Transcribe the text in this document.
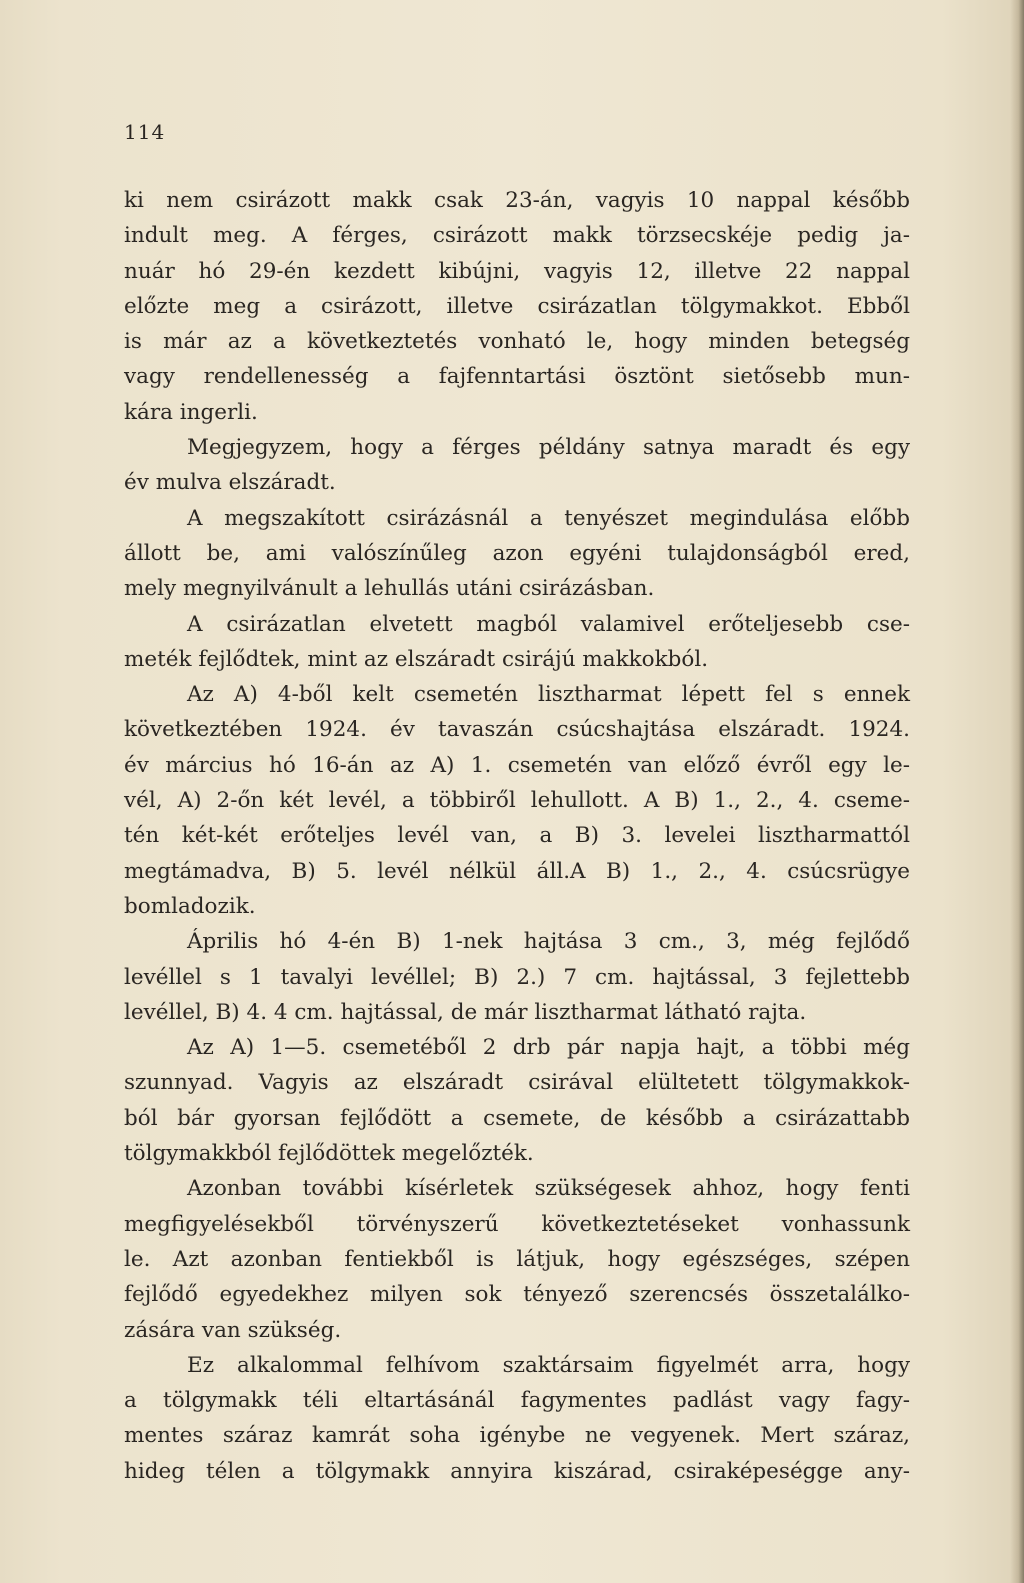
114
ki nem csirázott makk csak 23-án, vagyis 10 nappal később
indult meg. A férges, csirázott makk törzsecskéje pedig ja-
nuár hó 29-én kezdett kibújni, vagyis 12, illetve 22 nappal
előzte meg a csirázott, illetve csirázatlan tölgymakkot. Ebből
is már az a következtetés vonható le, hogy minden betegség
vagy rendellenesség a fajfenntartási ösztönt sietősebb mun-
kára ingerli.
Megjegyzem, hogy a férges példány satnya maradt és egy
év mulva elszáradt.
A megszakított csirázásnál a tenyészet megindulása előbb
állott be, ami valószínűleg azon egyéni tulajdonságból ered,
mely megnyilvánult a lehullás utáni csirázásban.
A csirázatlan elvetett magból valamivel erőteljesebb cse-
meték fejlődtek, mint az elszáradt csirájú makkokból.
Az A) 4-ből kelt csemetén lisztharmat lépett fel s ennek
következtében 1924. év tavaszán csúcshajtása elszáradt. 1924.
év március hó 16-án az A) 1. csemetén van előző évről egy le-
vél, A) 2-őn két levél, a többiről lehullott. A B) 1., 2., 4. cseme-
tén két-két erőteljes levél van, a B) 3. levelei lisztharmattól
megtámadva, B) 5. levél nélkül áll.A B) 1., 2., 4. csúcsrügye
bomladozik.
Április hó 4-én B) 1-nek hajtása 3 cm., 3, még fejlődő
levéllel s 1 tavalyi levéllel; B) 2.) 7 cm. hajtással, 3 fejlettebb
levéllel, B) 4. 4 cm. hajtással, de már lisztharmat látható rajta.
Az A) 1—5. csemetéből 2 drb pár napja hajt, a többi még
szunnyad. Vagyis az elszáradt csirával elültetett tölgymakkok-
ból bár gyorsan fejlődött a csemete, de később a csirázattabb
tölgymakkból fejlődöttek megelőzték.
Azonban további kísérletek szükségesek ahhoz, hogy fenti
megfigyelésekből törvényszerű következtetéseket vonhassunk
le. Azt azonban fentiekből is látjuk, hogy egészséges, szépen
fejlődő egyedekhez milyen sok tényező szerencsés összetalálko-
zására van szükség.
Ez alkalommal felhívom szaktársaim figyelmét arra, hogy
a tölgymakk téli eltartásánál fagymentes padlást vagy fagy-
mentes száraz kamrát soha igénybe ne vegyenek. Mert száraz,
hideg télen a tölgymakk annyira kiszárad, csiraképeségge any-
